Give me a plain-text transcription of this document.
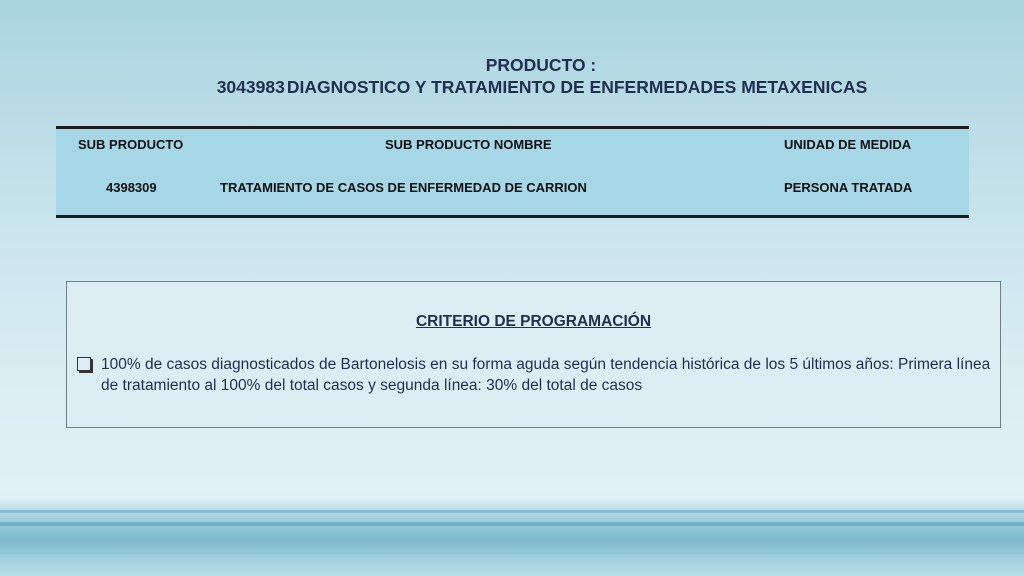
PRODUCTO :
3043983 DIAGNOSTICO Y TRATAMIENTO DE ENFERMEDADES METAXENICAS
SUB PRODUCTO	SUB PRODUCTO NOMBRE	UNIDAD DE MEDIDA
4398309	TRATAMIENTO DE CASOS DE ENFERMEDAD DE CARRION	PERSONA TRATADA
CRITERIO DE PROGRAMACIÓN
100% de casos diagnosticados de Bartonelosis en su forma aguda según tendencia histórica de los 5 últimos años: Primera línea de tratamiento al 100% del total casos y segunda línea: 30% del total de casos
